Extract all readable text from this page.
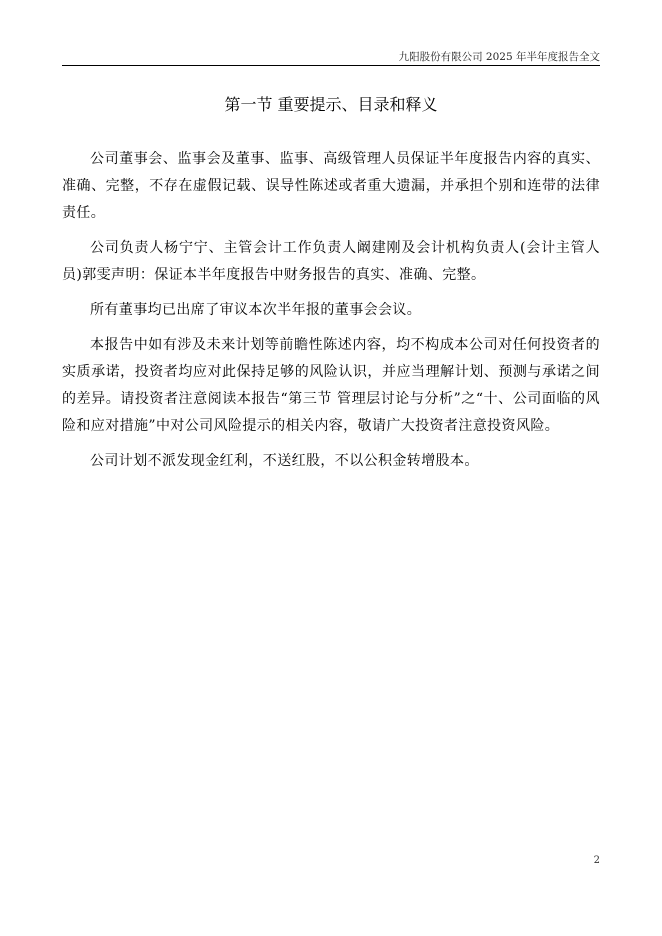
九阳股份有限公司 2025 年半年度报告全文
第一节 重要提示、目录和释义

公司董事会、监事会及董事、监事、高级管理人员保证半年度报告内容的真实、准确、完整，不存在虚假记载、误导性陈述或者重大遗漏，并承担个别和连带的法律责任。

公司负责人杨宁宁、主管会计工作负责人阚建刚及会计机构负责人(会计主管人员)郭雯声明：保证本半年度报告中财务报告的真实、准确、完整。

所有董事均已出席了审议本次半年报的董事会会议。

本报告中如有涉及未来计划等前瞻性陈述内容，均不构成本公司对任何投资者的实质承诺，投资者均应对此保持足够的风险认识，并应当理解计划、预测与承诺之间的差异。请投资者注意阅读本报告“第三节 管理层讨论与分析”之“十、公司面临的风险和应对措施”中对公司风险提示的相关内容，敬请广大投资者注意投资风险。

公司计划不派发现金红利，不送红股，不以公积金转增股本。

2
